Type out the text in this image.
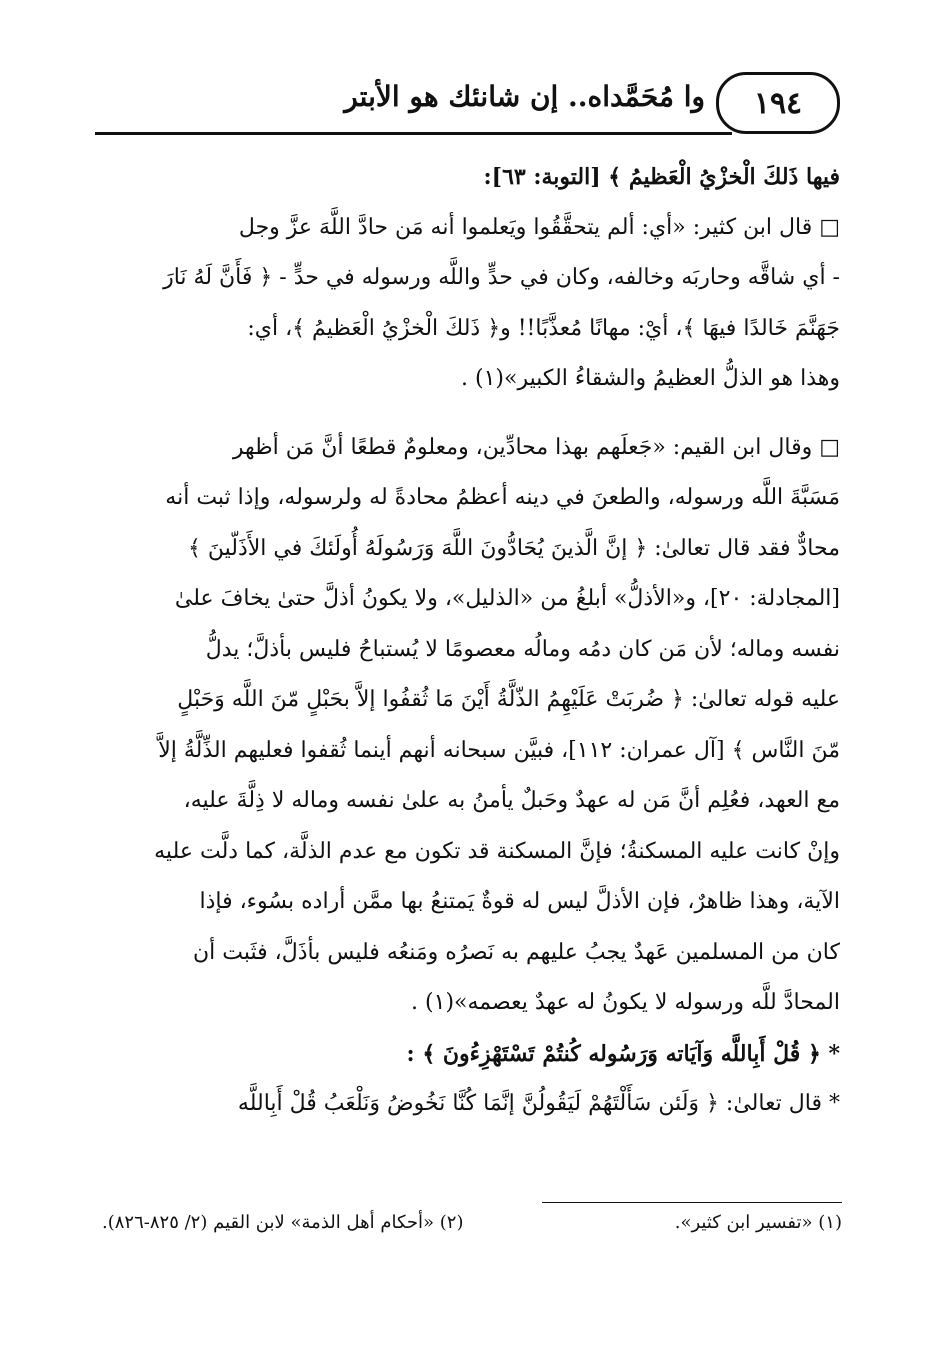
١٩٤
وا مُحَمَّداه.. إن شانئك هو الأبتر
فيها ذَلكَ الْخزْيُ الْعَظيمُ ﴾ [التوبة: ٦٣]:
□ قال ابن كثير: «أي: ألم يتحقَّقُوا ويَعلموا أنه مَن حادَّ اللَّهَ عزَّ وجل
- أي شاقَّه وحاربَه وخالفه، وكان في حدٍّ واللَّه ورسوله في حدٍّ - ﴿ فَأَنَّ لَهُ نَارَ
جَهَنَّمَ خَالدًا فيهَا ﴾، أيْ: مهانًا مُعذَّبًا!! و﴿ ذَلكَ الْخزْيُ الْعَظيمُ ﴾، أي:
وهذا هو الذلُّ العظيمُ والشقاءُ الكبير»(١) .
□ وقال ابن القيم: «جَعلَهم بهذا محادِّين، ومعلومٌ قطعًا أنَّ مَن أظهر
مَسَبَّةَ اللَّه ورسوله، والطعنَ في دينه أعظمُ محادةً له ولرسوله، وإذا ثبت أنه
محادٌّ فقد قال تعالىٰ: ﴿ إنَّ الَّذينَ يُحَادُّونَ اللَّهَ وَرَسُولَهُ أُولَئكَ في الأَذَلّينَ ﴾
[المجادلة: ٢٠]، و«الأذلُّ» أبلغُ من «الذليل»، ولا يكونُ أذلَّ حتىٰ يخافَ علىٰ
نفسه وماله؛ لأن مَن كان دمُه ومالُه معصومًا لا يُستباحُ فليس بأذلَّ؛ يدلُّ
عليه قوله تعالىٰ: ﴿ ضُربَتْ عَلَيْهِمُ الذّلَّةُ أَيْنَ مَا ثُقفُوا إلاَّ بحَبْلٍ مّنَ اللَّه وَحَبْلٍ
مّنَ النَّاس ﴾ [آل عمران: ١١٢]، فبيَّن سبحانه أنهم أينما ثُقفوا فعليهم الذِّلَّةُ إلاَّ
مع العهد، فعُلِم أنَّ مَن له عهدٌ وحَبلٌ يأمنُ به علىٰ نفسه وماله لا ذِلَّةَ عليه،
وإنْ كانت عليه المسكنةُ؛ فإنَّ المسكنة قد تكون مع عدم الذلَّة، كما دلَّت عليه
الآية، وهذا ظاهرٌ، فإن الأذلَّ ليس له قوةٌ يَمتنعُ بها ممَّن أراده بسُوء، فإذا
كان من المسلمين عَهدٌ يجبُ عليهم به نَصرُه ومَنعُه فليس بأذَلَّ، فثَبت أن
المحادَّ للَّه ورسوله لا يكونُ له عهدٌ يعصمه»(١) .
* ﴿ قُلْ أَبِاللَّه وَآيَاته وَرَسُوله كُنتُمْ تَسْتَهْزِءُونَ ﴾ :
* قال تعالىٰ: ﴿ وَلَئن سَأَلْتَهُمْ لَيَقُولُنَّ إنَّمَا كُنَّا نَخُوضُ وَنَلْعَبُ قُلْ أَبِاللَّه
(١) «تفسير ابن كثير».
(٢) «أحكام أهل الذمة» لابن القيم (٢/ ٨٢٥-٨٢٦).
